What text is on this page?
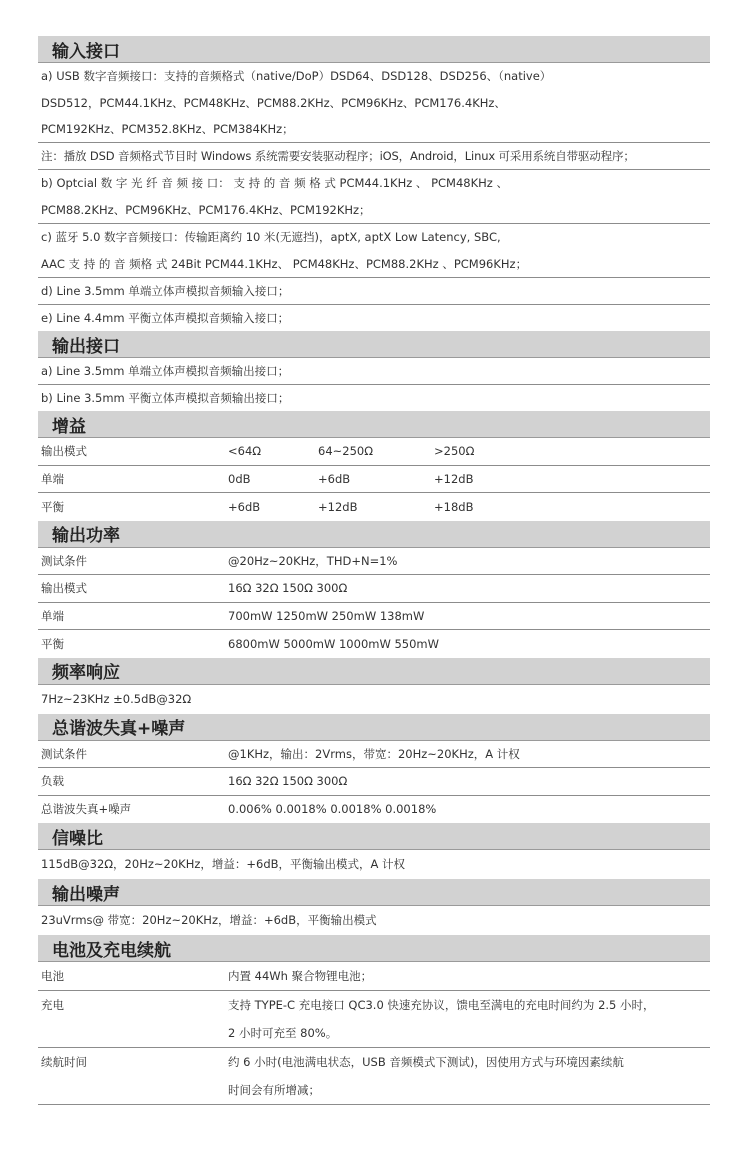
输入接口
a) USB 数字音频接口：支持的音频格式（native/DoP）DSD64、DSD128、DSD256、（native）
DSD512，PCM44.1KHz、PCM48KHz、PCM88.2KHz、PCM96KHz、PCM176.4KHz、
PCM192KHz、PCM352.8KHz、PCM384KHz；
注：播放 DSD 音频格式节目时 Windows 系统需要安装驱动程序；iOS，Android，Linux 可采用系统自带驱动程序；
b) Optcial 数 字 光 纤 音 频 接 口： 支 持 的 音 频 格 式 PCM44.1KHz 、 PCM48KHz 、
PCM88.2KHz、PCM96KHz、PCM176.4KHz、PCM192KHz；
c) 蓝牙 5.0 数字音频接口：传输距离约 10 米(无遮挡)，aptX, aptX Low Latency, SBC,
AAC 支 持 的 音 频格 式 24Bit PCM44.1KHz、 PCM48KHz、PCM88.2KHz 、PCM96KHz；
d) Line 3.5mm 单端立体声模拟音频输入接口；
e) Line 4.4mm 平衡立体声模拟音频输入接口；
输出接口
a) Line 3.5mm 单端立体声模拟音频输出接口；
b) Line 3.5mm 平衡立体声模拟音频输出接口；
增益
输出模式	<64Ω	64~250Ω	>250Ω
单端	0dB	+6dB	+12dB
平衡	+6dB	+12dB	+18dB
输出功率
测试条件	@20Hz~20KHz，THD+N=1%
输出模式	16Ω 32Ω 150Ω 300Ω
单端	700mW 1250mW 250mW 138mW
平衡	6800mW 5000mW 1000mW 550mW
频率响应
7Hz~23KHz ±0.5dB@32Ω
总谐波失真+噪声
测试条件	@1KHz，输出：2Vrms，带宽：20Hz~20KHz，A 计权
负载	16Ω 32Ω 150Ω 300Ω
总谐波失真+噪声	0.006% 0.0018% 0.0018% 0.0018%
信噪比
115dB@32Ω，20Hz~20KHz，增益：+6dB，平衡输出模式，A 计权
输出噪声
23uVrms@ 带宽：20Hz~20KHz，增益：+6dB，平衡输出模式
电池及充电续航
电池	内置 44Wh 聚合物锂电池；
充电	支持 TYPE-C 充电接口 QC3.0 快速充协议，馈电至满电的充电时间约为 2.5 小时，
2 小时可充至 80%。
续航时间	约 6 小时(电池满电状态，USB 音频模式下测试)，因使用方式与环境因素续航
时间会有所增减；
